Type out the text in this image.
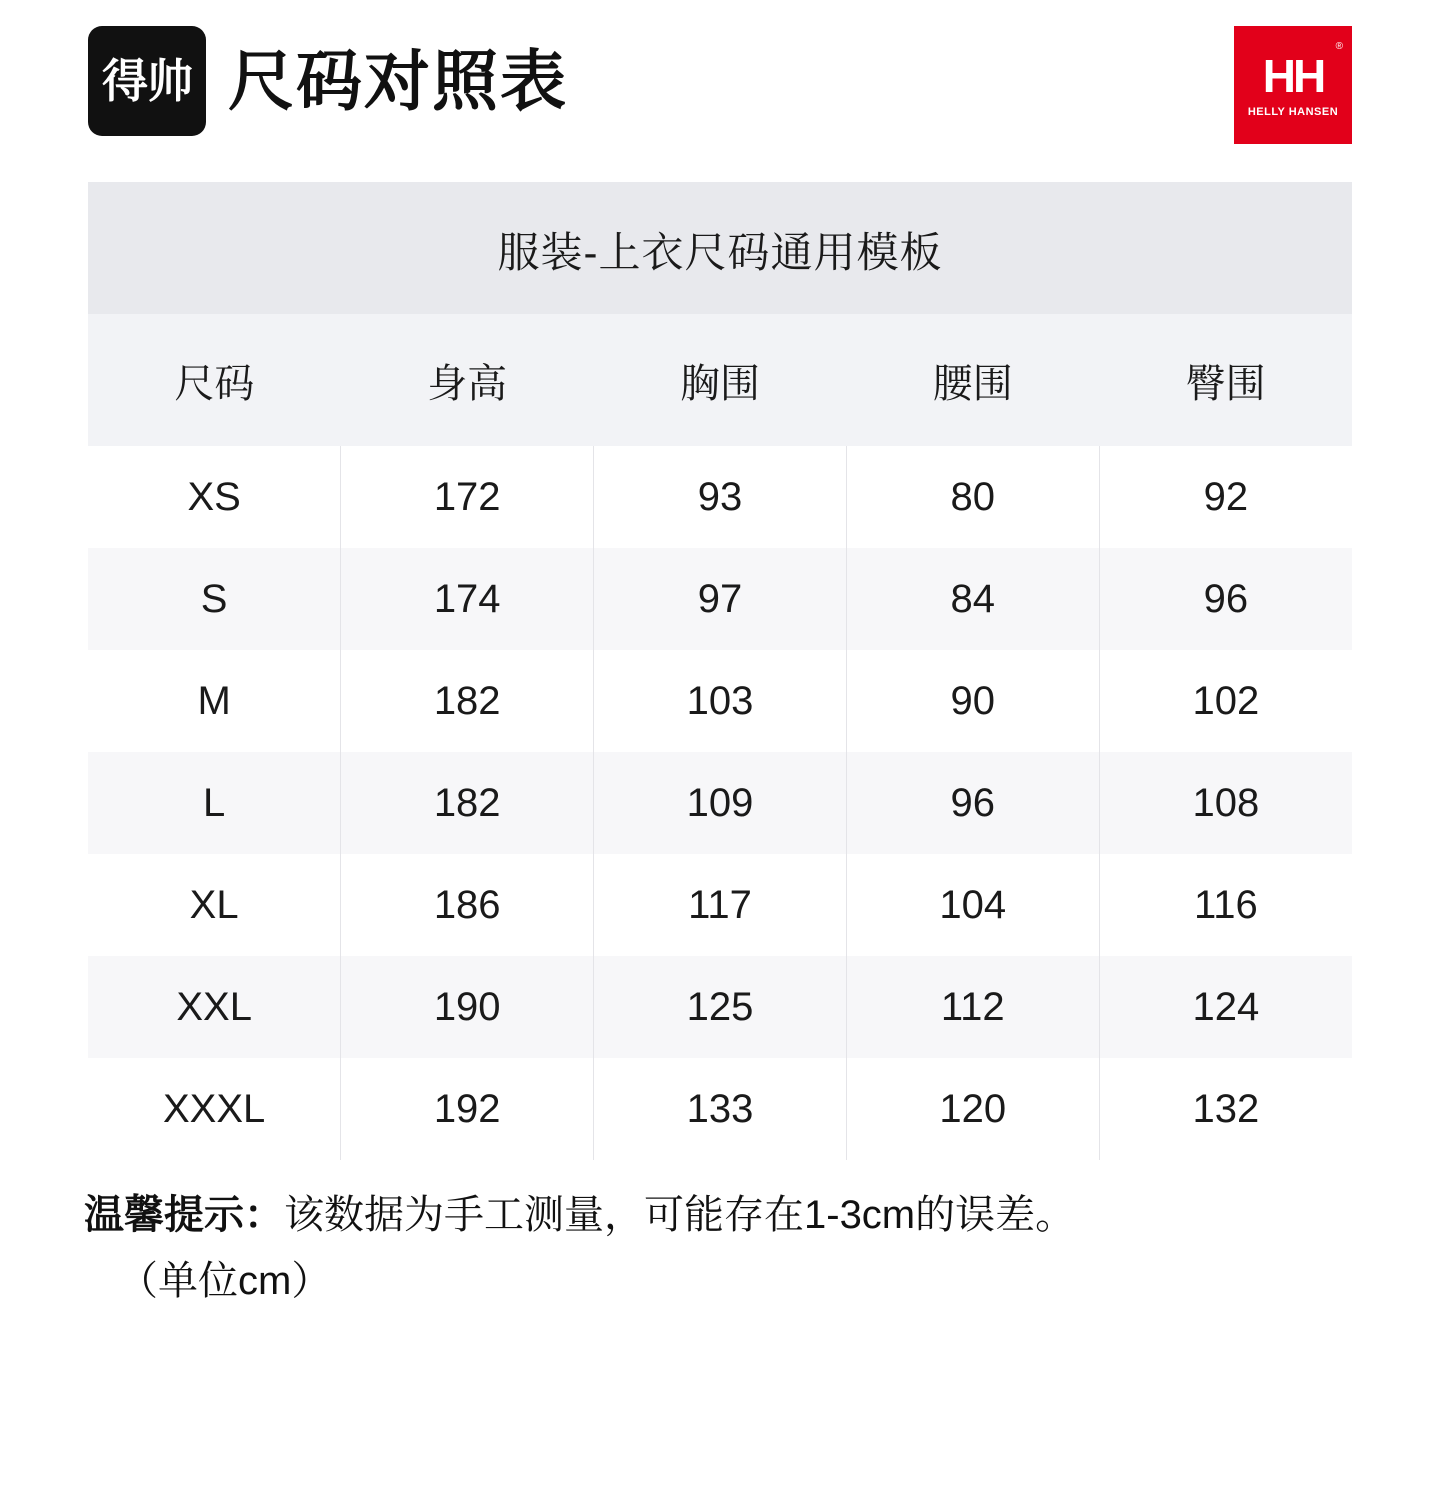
得帅 尺码对照表	®
HH
HELLY HANSEN
服装-上衣尺码通用模板
尺码	身高	胸围	腰围	臀围
XS	172	93	80	92
S	174	97	84	96
M	182	103	90	102
L	182	109	96	108
XL	186	117	104	116
XXL	190	125	112	124
XXXL	192	133	120	132
温馨提示：该数据为手工测量，可能存在1-3cm的误差。
（单位cm）
